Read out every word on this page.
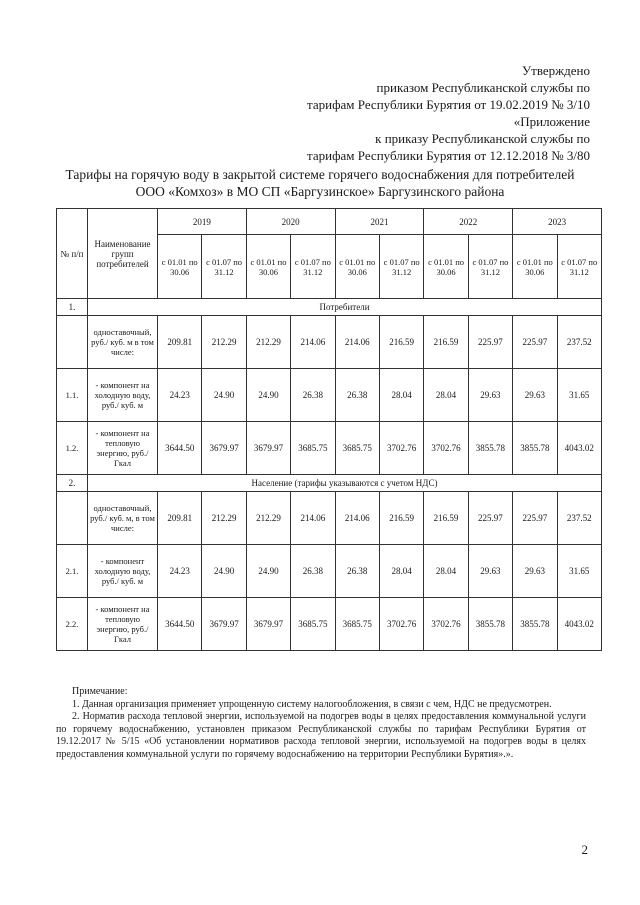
Утверждено
приказом Республиканской службы по
тарифам Республики Бурятия от 19.02.2019 № 3/10
«Приложение
к приказу Республиканской службы по
тарифам Республики Бурятия от 12.12.2018 № 3/80
Тарифы на горячую воду в закрытой системе горячего водоснабжения для потребителей
ООО «Комхоз» в МО СП «Баргузинское» Баргузинского района
№ п/п	Наименование групп потребителей	2019		2020		2021		2022		2023	
		с 01.01 по 30.06	с 01.07 по 31.12	с 01.01 по 30.06	с 01.07 по 31.12	с 01.01 по 30.06	с 01.07 по 31.12	с 01.01 по 30.06	с 01.07 по 31.12	с 01.01 по 30.06	с 01.07 по 31.12
1.	Потребители										
	одноставочный, руб./ куб. м в том числе:	209.81	212.29	212.29	214.06	214.06	216.59	216.59	225.97	225.97	237.52
1.1.	- компонент на холодную воду, руб./ куб. м	24.23	24.90	24.90	26.38	26.38	28.04	28.04	29.63	29.63	31.65
1.2.	- компонент на тепловую энергию, руб./Гкал	3644.50	3679.97	3679.97	3685.75	3685.75	3702.76	3702.76	3855.78	3855.78	4043.02
2.	Население (тарифы указываются с учетом НДС)										
	одноставочный, руб./ куб. м, в том числе:	209.81	212.29	212.29	214.06	214.06	216.59	216.59	225.97	225.97	237.52
2.1.	- компонент холодную воду, руб./ куб. м	24.23	24.90	24.90	26.38	26.38	28.04	28.04	29.63	29.63	31.65
2.2.	- компонент на тепловую энергию, руб./Гкал	3644.50	3679.97	3679.97	3685.75	3685.75	3702.76	3702.76	3855.78	3855.78	4043.02

Примечание:

1. Данная организация применяет упрощенную систему налогообложения, в связи с чем, НДС не предусмотрен.

2. Норматив расхода тепловой энергии, используемой на подогрев воды в целях предоставления коммунальной услуги по горячему водоснабжению, установлен приказом Республиканской службы по тарифам Республики Бурятия от 19.12.2017 № 5/15 «Об установлении нормативов расхода тепловой энергии, используемой на подогрев воды в целях предоставления коммунальной услуги по горячему водоснабжению на территории Республики Бурятия».».

2
